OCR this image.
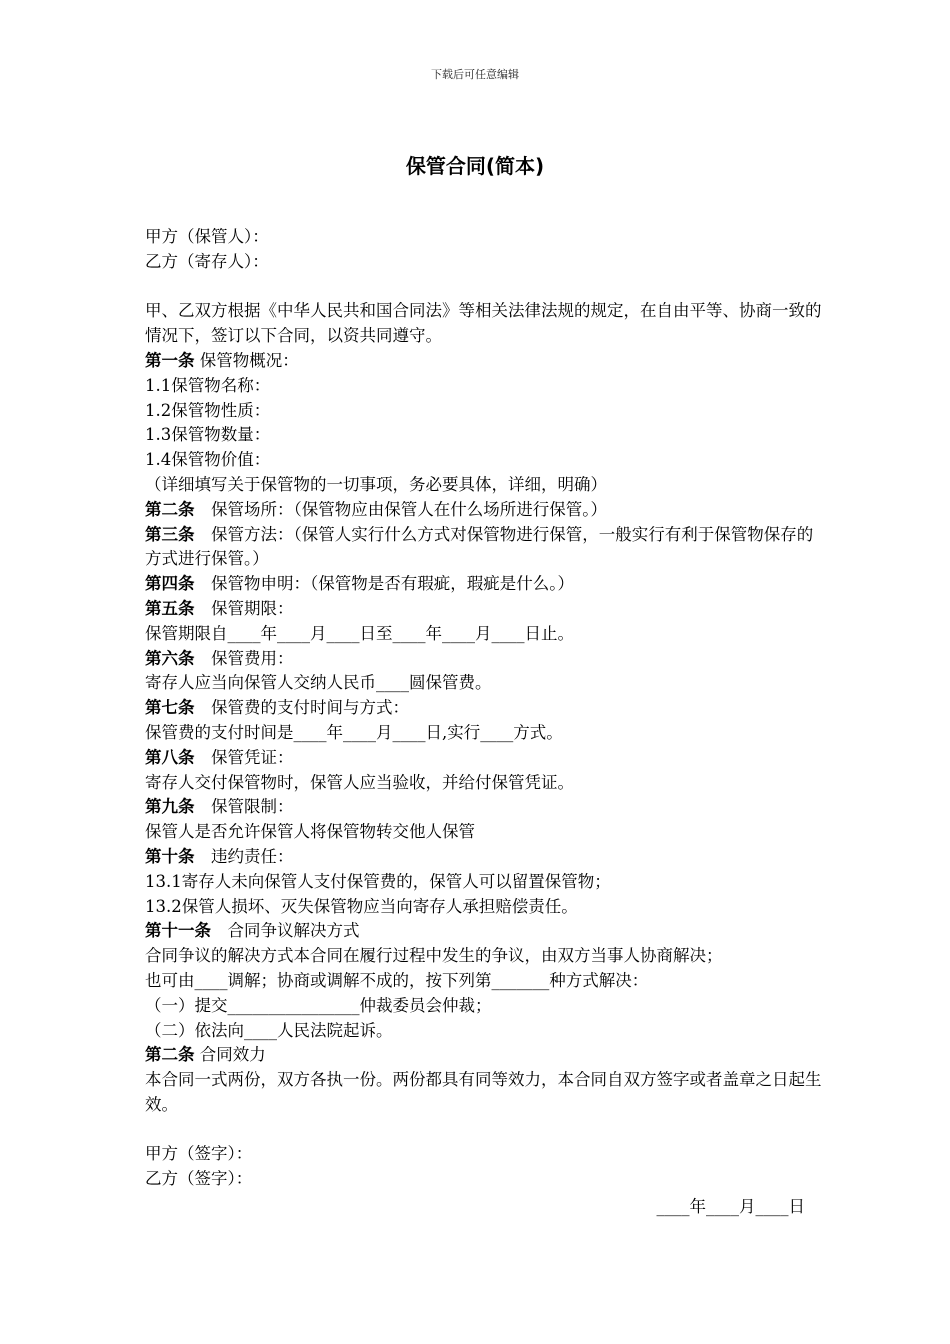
下载后可任意编辑
保管合同(简本)
甲方（保管人）：
乙方（寄存人）：
甲、乙双方根据《中华人民共和国合同法》等相关法律法规的规定，在自由平等、协商一致的情况下，签订以下合同，以资共同遵守。
第一条 保管物概况：
1.1保管物名称：
1.2保管物性质：
1.3保管物数量：
1.4保管物价值：
（详细填写关于保管物的一切事项，务必要具体，详细，明确）
第二条　保管场所：（保管物应由保管人在什么场所进行保管。）
第三条　保管方法：（保管人实行什么方式对保管物进行保管，一般实行有利于保管物保存的方式进行保管。）
第四条　保管物申明：（保管物是否有瑕疵，瑕疵是什么。）
第五条　保管期限：
保管期限自____年____月____日至____年____月____日止。
第六条　保管费用：
寄存人应当向保管人交纳人民币____圆保管费。
第七条　保管费的支付时间与方式：
保管费的支付时间是____年____月____日,实行____方式。
第八条　保管凭证：
寄存人交付保管物时，保管人应当验收，并给付保管凭证。
第九条　保管限制：
保管人是否允许保管人将保管物转交他人保管
第十条　违约责任：
13.1寄存人未向保管人支付保管费的，保管人可以留置保管物；
13.2保管人损坏、灭失保管物应当向寄存人承担赔偿责任。
第十一条　合同争议解决方式
合同争议的解决方式本合同在履行过程中发生的争议，由双方当事人协商解决；
也可由____调解；协商或调解不成的，按下列第_______种方式解决：
（一）提交________________仲裁委员会仲裁；
（二）依法向____人民法院起诉。
第二条 合同效力
本合同一式两份，双方各执一份。两份都具有同等效力，本合同自双方签字或者盖章之日起生效。
甲方（签字）：
乙方（签字）：
____年____月____日
